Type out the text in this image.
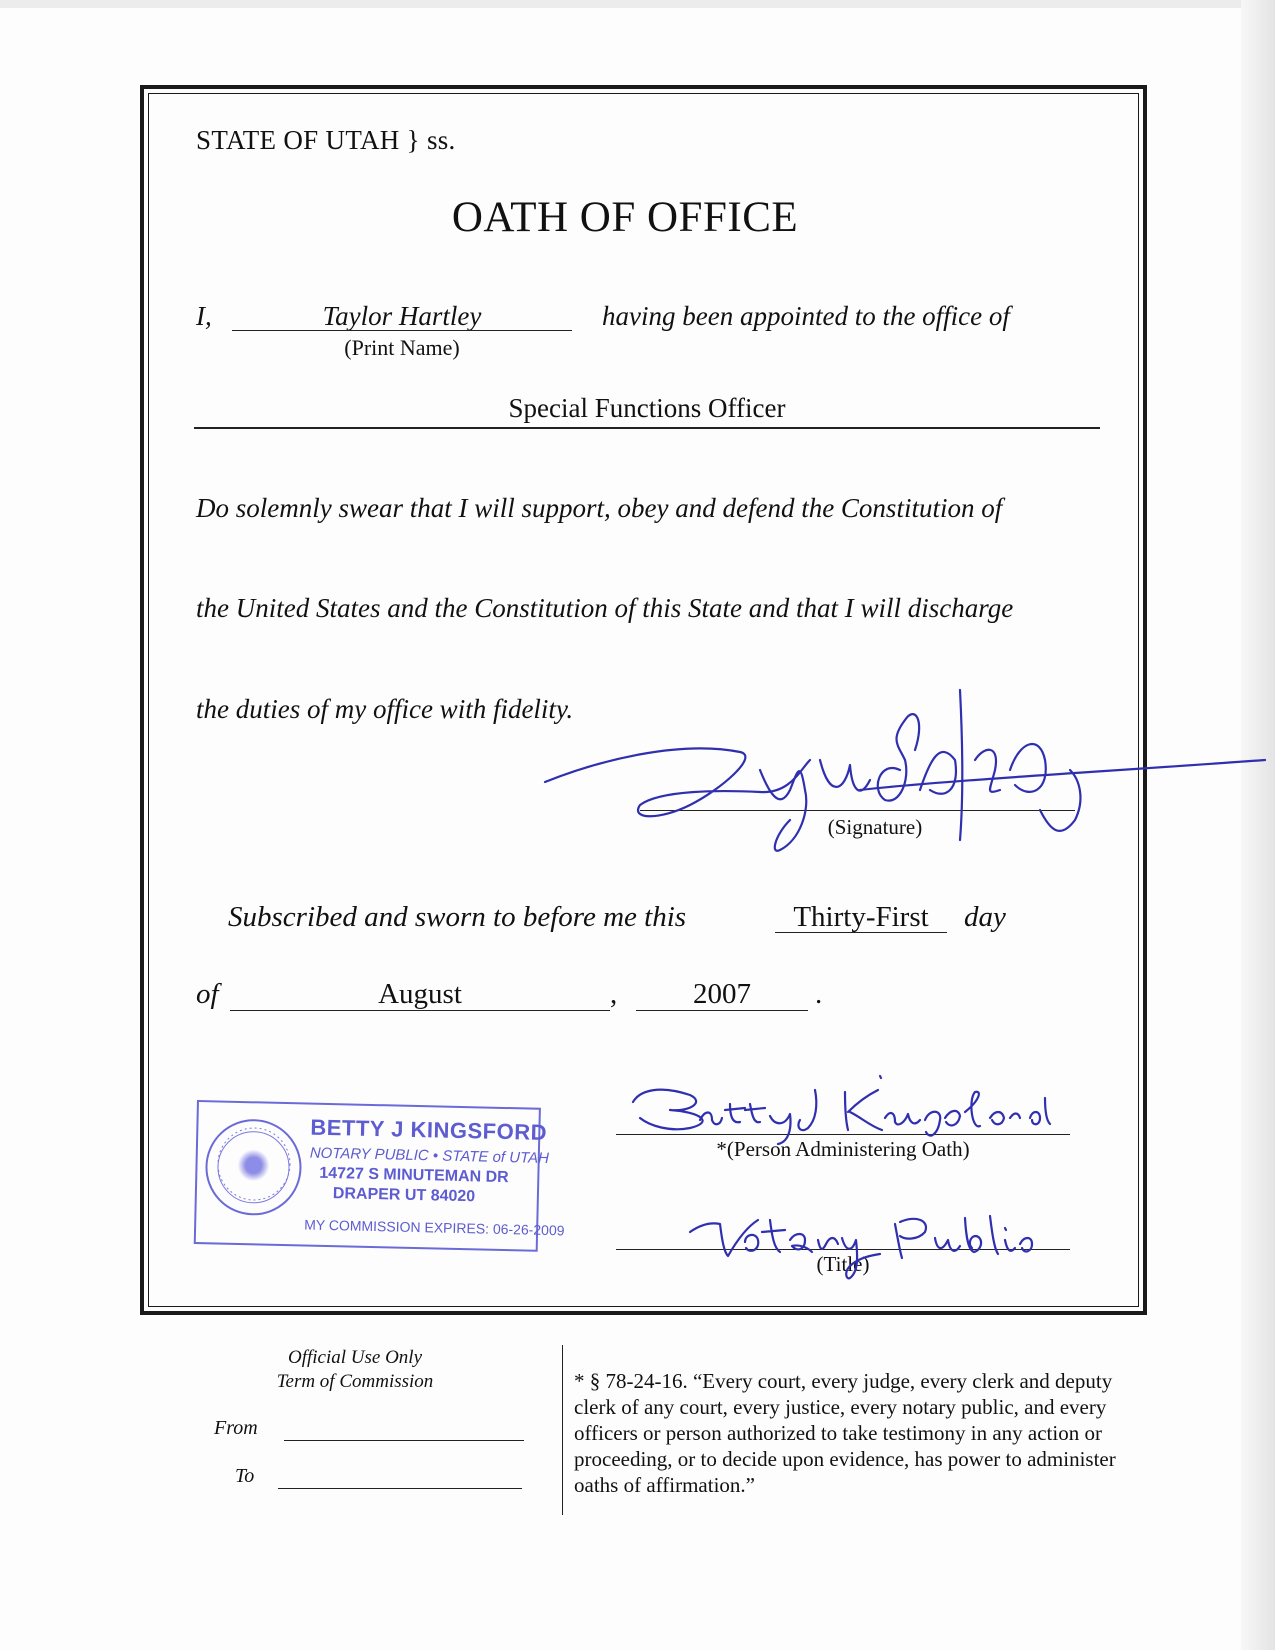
STATE OF UTAH } ss.
OATH OF OFFICE
I,	Taylor Hartley	having been appointed to the office of
(Print Name)
Special Functions Officer
Do solemnly swear that I will support, obey and defend the Constitution of
the United States and the Constitution of this State and that I will discharge
the duties of my office with fidelity.
(Signature)
Subscribed and sworn to before me this	Thirty-First	day
of	August	,	2007	.
*(Person Administering Oath)
(Title)
BETTY J KINGSFORD
NOTARY PUBLIC • STATE of UTAH
14727 S MINUTEMAN DR
DRAPER UT 84020
MY COMMISSION EXPIRES: 06-26-2009
Official Use Only
Term of Commission
From
To
* § 78-24-16. “Every court, every judge, every clerk and deputy clerk of any court, every justice, every notary public, and every officers or person authorized to take testimony in any action or proceeding, or to decide upon evidence, has power to administer oaths of affirmation.”
